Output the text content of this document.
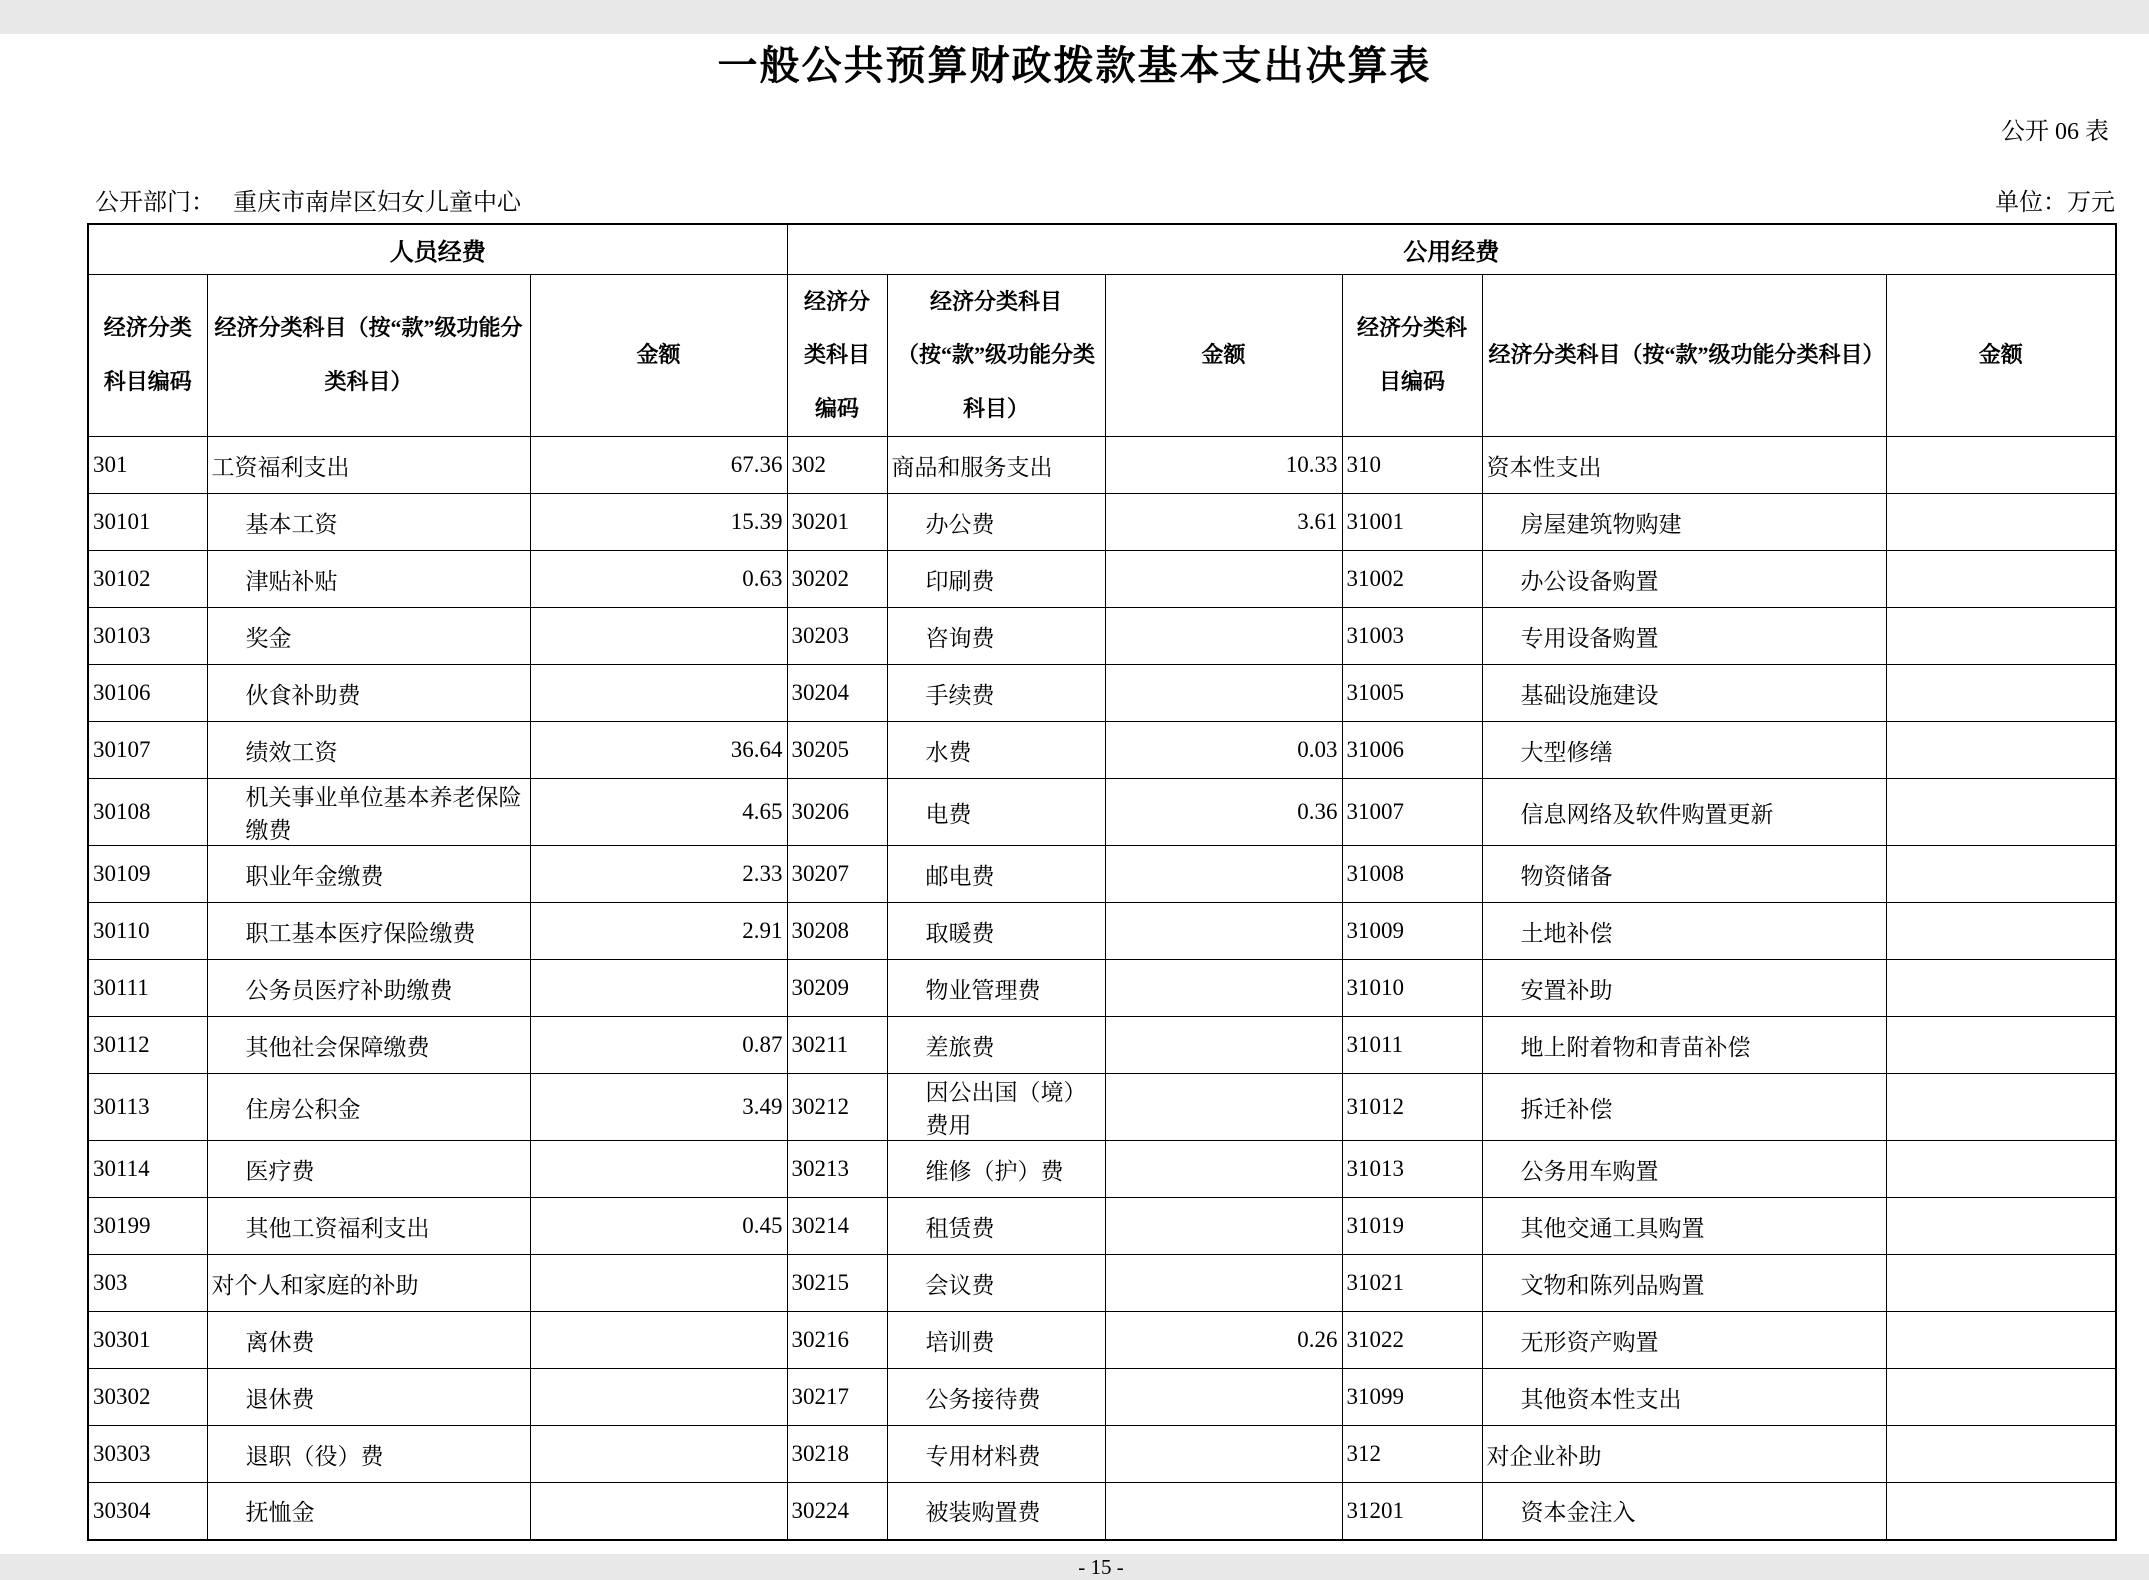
一般公共预算财政拨款基本支出决算表
公开 06 表
公开部门： 重庆市南岸区妇女儿童中心	单位：万元
人员经费			公用经费					
经济分类科目编码	经济分类科目（按“款”级功能分类科目）	金额	经济分类科目编码	经济分类科目（按“款”级功能分类科目）	金额	经济分类科目编码	经济分类科目（按“款”级功能分类科目）	金额
301	工资福利支出	67.36	302	商品和服务支出	10.33	310	资本性支出	
30101	基本工资	15.39	30201	办公费	3.61	31001	房屋建筑物购建	
30102	津贴补贴	0.63	30202	印刷费		31002	办公设备购置	
30103	奖金		30203	咨询费		31003	专用设备购置	
30106	伙食补助费		30204	手续费		31005	基础设施建设	
30107	绩效工资	36.64	30205	水费	0.03	31006	大型修缮	
30108	机关事业单位基本养老保险缴费	4.65	30206	电费	0.36	31007	信息网络及软件购置更新	
30109	职业年金缴费	2.33	30207	邮电费		31008	物资储备	
30110	职工基本医疗保险缴费	2.91	30208	取暖费		31009	土地补偿	
30111	公务员医疗补助缴费		30209	物业管理费		31010	安置补助	
30112	其他社会保障缴费	0.87	30211	差旅费		31011	地上附着物和青苗补偿	
30113	住房公积金	3.49	30212	因公出国（境）费用		31012	拆迁补偿	
30114	医疗费		30213	维修（护）费		31013	公务用车购置	
30199	其他工资福利支出	0.45	30214	租赁费		31019	其他交通工具购置	
303	对个人和家庭的补助		30215	会议费		31021	文物和陈列品购置	
30301	离休费		30216	培训费	0.26	31022	无形资产购置	
30302	退休费		30217	公务接待费		31099	其他资本性支出	
30303	退职（役）费		30218	专用材料费		312	对企业补助	
30304	抚恤金		30224	被装购置费		31201	资本金注入	
- 15 -
